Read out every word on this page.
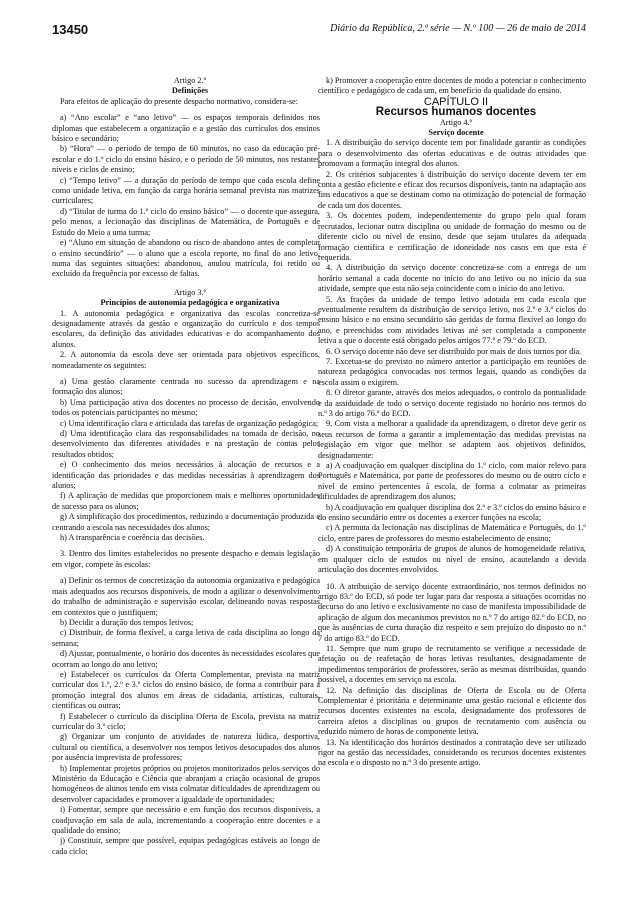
13450	Diário da República, 2.ª série — N.º 100 — 26 de maio de 2014

Artigo 2.º

Definições

Para efeitos de aplicação do presente despacho normativo, considera-se:

a) “Ano escolar” e “ano letivo” — os espaços temporais definidos nos diplomas que estabelecem a organização e a gestão dos currículos dos ensinos básico e secundário;

b) “Hora” — o período de tempo de 60 minutos, no caso da educação pré-escolar e do 1.º ciclo do ensino básico, e o período de 50 minutos, nos restantes níveis e ciclos de ensino;

c) “Tempo letivo” — a duração do período de tempo que cada escola define como unidade letiva, em função da carga horária semanal prevista nas matrizes curriculares;

d) “Titular de turma do 1.º ciclo do ensino básico” — o docente que assegura, pelo menos, a lecionação das disciplinas de Matemática, de Português e de Estudo do Meio a uma turma;

e) “Aluno em situação de abandono ou risco de abandono antes de completar o ensino secundário” — o aluno que a escola reporte, no final do ano letivo, numa das seguintes situações: abandonou, anulou matrícula, foi retido ou excluído da frequência por excesso de faltas.

Artigo 3.º

Princípios de autonomia pedagógica e organizativa

1. A autonomia pedagógica e organizativa das escolas concretiza-se designadamente através da gestão e organização do currículo e dos tempos escolares, da definição das atividades educativas e do acompanhamento dos alunos.

2. A autonomia da escola deve ser orientada para objetivos específicos, nomeadamente os seguintes:

a) Uma gestão claramente centrada no sucesso da aprendizagem e na formação dos alunos;

b) Uma participação ativa dos docentes no processo de decisão, envolvendo todos os potenciais participantes no mesmo;

c) Uma identificação clara e articulada das tarefas de organização pedagógica;

d) Uma identificação clara das responsabilidades na tomada de decisão, no desenvolvimento das diferentes atividades e na prestação de contas pelos resultados obtidos;

e) O conhecimento dos meios necessários à alocação de recursos e a identificação das prioridades e das medidas necessárias à aprendizagem dos alunos;

f) A aplicação de medidas que proporcionem mais e melhores oportunidades de sucesso para os alunos;

g) A simplificação dos procedimentos, reduzindo a documentação produzida e centrando a escola nas necessidades dos alunos;

h) A transparência e coerência das decisões.

3. Dentro dos limites estabelecidos no presente despacho e demais legislação em vigor, compete às escolas:

a) Definir os termos de concretização da autonomia organizativa e pedagógica mais adequados aos recursos disponíveis, de modo a agilizar o desenvolvimento do trabalho de administração e supervisão escolar, delineando novas respostas em contextos que o justifiquem;

b) Decidir a duração dos tempos letivos;

c) Distribuir, de forma flexível, a carga letiva de cada disciplina ao longo da semana;

d) Ajustar, pontualmente, o horário dos docentes às necessidades escolares que ocorram ao longo do ano letivo;

e) Estabelecer os currículos da Oferta Complementar, prevista na matriz curricular dos 1.º, 2.º e 3.º ciclos do ensino básico, de forma a contribuir para a promoção integral dos alunos em áreas de cidadania, artísticas, culturais, científicas ou outras;

f) Estabelecer o currículo da disciplina Oferta de Escola, prevista na matriz curricular do 3.º ciclo;

g) Organizar um conjunto de atividades de natureza lúdica, desportiva, cultural ou científica, a desenvolver nos tempos letivos desocupados dos alunos por ausência imprevista de professores;

h) Implementar projetos próprios ou projetos monitorizados pelos serviços do Ministério da Educação e Ciência que abranjam a criação ocasional de grupos homogéneos de alunos tendo em vista colmatar dificuldades de aprendizagem ou desenvolver capacidades e promover a igualdade de oportunidades;

i) Fomentar, sempre que necessário e em função dos recursos disponíveis, a coadjuvação em sala de aula, incrementando a cooperação entre docentes e a qualidade do ensino;

j) Constituir, sempre que possível, equipas pedagógicas estáveis ao longo de cada ciclo;

k) Promover a cooperação entre docentes de modo a potenciar o conhecimento científico e pedagógico de cada um, em benefício da qualidade do ensino.

CAPÍTULO II

Recursos humanos docentes

Artigo 4.º

Serviço docente

1. A distribuição do serviço docente tem por finalidade garantir as condições para o desenvolvimento das ofertas educativas e de outras atividades que promovam a formação integral dos alunos.

2. Os critérios subjacentes à distribuição do serviço docente devem ter em conta a gestão eficiente e eficaz dos recursos disponíveis, tanto na adaptação aos fins educativos a que se destinam como na otimização do potencial de formação de cada um dos docentes.

3. Os docentes podem, independentemente do grupo pelo qual foram recrutados, lecionar outra disciplina ou unidade de formação do mesmo ou de diferente ciclo ou nível de ensino, desde que sejam titulares da adequada formação científica e certificação de idoneidade nos casos em que esta é requerida.

4. A distribuição do serviço docente concretiza-se com a entrega de um horário semanal a cada docente no início do ano letivo ou no início da sua atividade, sempre que esta não seja coincidente com o início do ano letivo.

5. As frações da unidade de tempo letivo adotada em cada escola que eventualmente resultem da distribuição de serviço letivo, nos 2.º e 3.º ciclos do ensino básico e no ensino secundário são geridas de forma flexível ao longo do ano, e preenchidas com atividades letivas até ser completada a componente letiva a que o docente está obrigado pelos artigos 77.º e 79.º do ECD.

6. O serviço docente não deve ser distribuído por mais de dois turnos por dia.

7. Excetua-se do previsto no número anterior a participação em reuniões de natureza pedagógica convocadas nos termos legais, quando as condições da escola assim o exigirem.

8. O diretor garante, através dos meios adequados, o controlo da pontualidade e da assiduidade de todo o serviço docente registado no horário nos termos do n.º 3 do artigo 76.º do ECD.

9. Com vista a melhorar a qualidade da aprendizagem, o diretor deve gerir os seus recursos de forma a garantir a implementação das medidas previstas na legislação em vigor que melhor se adaptem aos objetivos definidos, designadamente:

a) A coadjuvação em qualquer disciplina do 1.º ciclo, com maior relevo para Português e Matemática, por parte de professores do mesmo ou de outro ciclo e nível de ensino pertencentes à escola, de forma a colmatar as primeiras dificuldades de aprendizagem dos alunos;

b) A coadjuvação em qualquer disciplina dos 2.º e 3.º ciclos do ensino básico e do ensino secundário entre os docentes a exercer funções na escola;

c) A permuta da lecionação nas disciplinas de Matemática e Português, do 1.º ciclo, entre pares de professores do mesmo estabelecimento de ensino;

d) A constituição temporária de grupos de alunos de homogeneidade relativa, em qualquer ciclo de estudos ou nível de ensino, acautelando a devida articulação dos docentes envolvidos.

10. A atribuição de serviço docente extraordinário, nos termos definidos no artigo 83.º do ECD, só pode ter lugar para dar resposta a situações ocorridas no decurso do ano letivo e exclusivamente no caso de manifesta impossibilidade de aplicação de algum dos mecanismos previstos no n.º 7 do artigo 82.º do ECD, no que às ausências de curta duração diz respeito e sem prejuízo do disposto no n.º 7 do artigo 83.º do ECD.

11. Sempre que num grupo de recrutamento se verifique a necessidade de afetação ou de reafetação de horas letivas resultantes, designadamente de impedimentos temporários de professores, serão as mesmas distribuídas, quando possível, a docentes em serviço na escola.

12. Na definição das disciplinas de Oferta de Escola ou de Oferta Complementar é prioritária e determinante uma gestão racional e eficiente dos recursos docentes existentes na escola, designadamente dos professores de carreira afetos a disciplinas ou grupos de recrutamento com ausência ou reduzido número de horas de componente letiva.

13. Na identificação dos horários destinados a contratação deve ser utilizado rigor na gestão das necessidades, considerando os recursos docentes existentes na escola e o disposto no n.º 3 do presente artigo.
